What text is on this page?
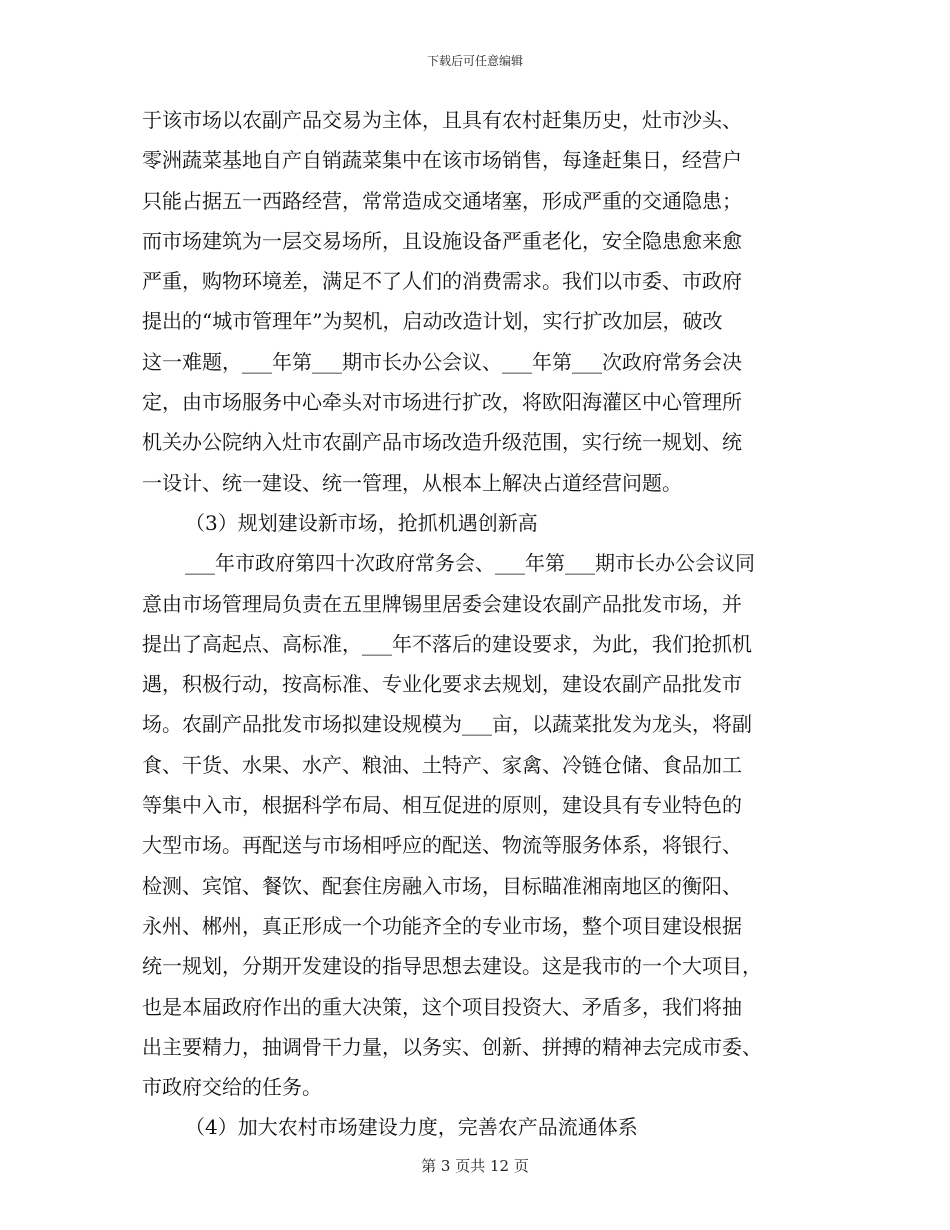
下载后可任意编辑
于该市场以农副产品交易为主体，且具有农村赶集历史，灶市沙头、
零洲蔬菜基地自产自销蔬菜集中在该市场销售，每逢赶集日，经营户
只能占据五一西路经营，常常造成交通堵塞，形成严重的交通隐患；
而市场建筑为一层交易场所，且设施设备严重老化，安全隐患愈来愈
严重，购物环境差，满足不了人们的消费需求。我们以市委、市政府
提出的“城市管理年”为契机，启动改造计划，实行扩改加层，破改
这一难题，___年第___期市长办公会议、___年第___次政府常务会决
定，由市场服务中心牵头对市场进行扩改，将欧阳海灌区中心管理所
机关办公院纳入灶市农副产品市场改造升级范围，实行统一规划、统
一设计、统一建设、统一管理，从根本上解决占道经营问题。
（3）规划建设新市场，抢抓机遇创新高
___年市政府第四十次政府常务会、___年第___期市长办公会议同
意由市场管理局负责在五里牌锡里居委会建设农副产品批发市场，并
提出了高起点、高标准，___年不落后的建设要求，为此，我们抢抓机
遇，积极行动，按高标准、专业化要求去规划，建设农副产品批发市
场。农副产品批发市场拟建设规模为___亩，以蔬菜批发为龙头，将副
食、干货、水果、水产、粮油、土特产、家禽、冷链仓储、食品加工
等集中入市，根据科学布局、相互促进的原则，建设具有专业特色的
大型市场。再配送与市场相呼应的配送、物流等服务体系，将银行、
检测、宾馆、餐饮、配套住房融入市场，目标瞄准湘南地区的衡阳、
永州、郴州，真正形成一个功能齐全的专业市场，整个项目建设根据
统一规划，分期开发建设的指导思想去建设。这是我市的一个大项目，
也是本届政府作出的重大决策，这个项目投资大、矛盾多，我们将抽
出主要精力，抽调骨干力量，以务实、创新、拼搏的精神去完成市委、
市政府交给的任务。
（4）加大农村市场建设力度，完善农产品流通体系
第 3 页共 12 页
